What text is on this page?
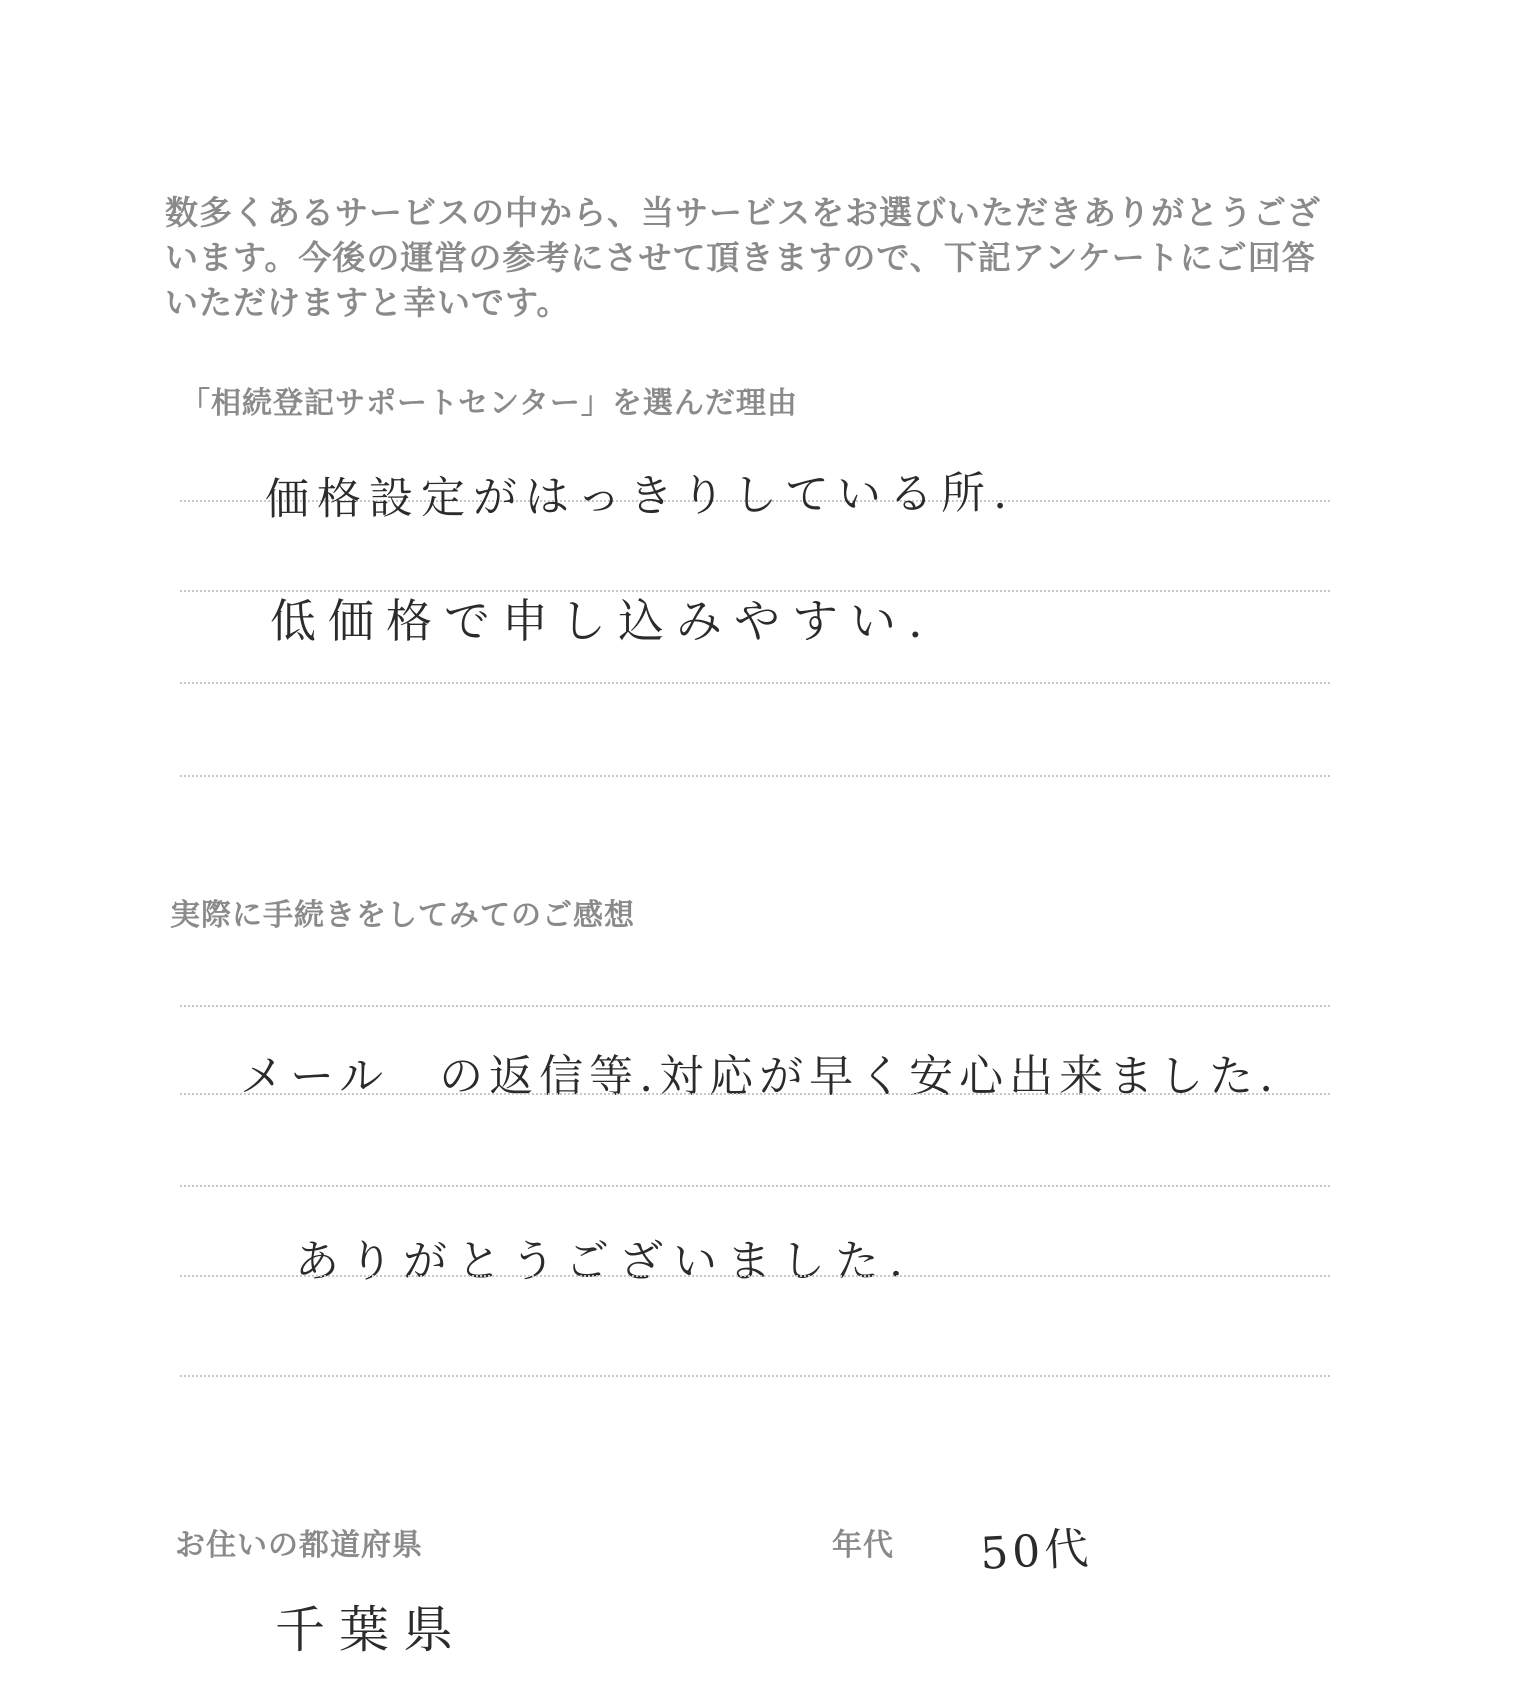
数多くあるサービスの中から、当サービスをお選びいただきありがとうござ
います。今後の運営の参考にさせて頂きますので、下記アンケートにご回答
いただけますと幸いです。
「相続登記サポートセンター」を選んだ理由
価格設定がはっきりしている所.
低価格で申し込みやすい.
実際に手続きをしてみてのご感想
メール　の返信等.対応が早く安心出来ました.
ありがとうございました.
お住いの都道府県
千葉県
年代 50代
